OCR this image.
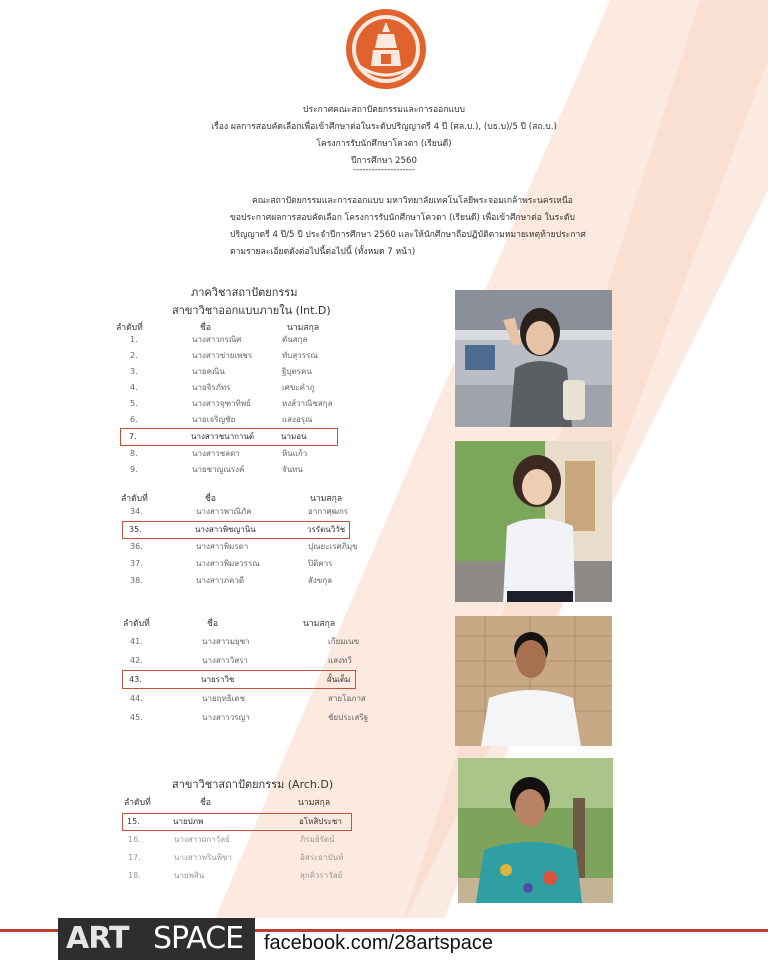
ประกาศคณะสถาปัตยกรรมและการออกแบบ
เรื่อง ผลการสอบคัดเลือกเพื่อเข้าศึกษาต่อในระดับปริญญาตรี 4 ปี (ศล.บ.), (บธ.บ)/5 ปี (สถ.บ.)
โครงการรับนักศึกษาโควตา (เรียนดี)
ปีการศึกษา 2560
--------------------
คณะสถาปัตยกรรมและการออกแบบ มหาวิทยาลัยเทคโนโลยีพระจอมเกล้าพระนครเหนือ
ขอประกาศผลการสอบคัดเลือก โครงการรับนักศึกษาโควตา (เรียนดี) เพื่อเข้าศึกษาต่อ ในระดับ
ปริญญาตรี 4 ปี/5 ปี ประจำปีการศึกษา 2560 และให้นักศึกษาถือปฏิบัติตามหมายเหตุท้ายประกาศ
ตามรายละเอียดดังต่อไปนี้ต่อไปนี้ (ทั้งหมด 7 หน้า)
ภาควิชาสถาปัตยกรรม
สาขาวิชาออกแบบภายใน (Int.D)
ลำดับที่	ชื่อ	นามสกุล
1.	นางสาวกรณิศ	ตันสกุล
2.	นางสาวข่ายเพชร	ทับสุวรรณ
3.	นายคณิน	ฐิบุตรคน
4.	นายจิรภัทร	เศขะคำภู
5.	นางสาวจุฑาทิพย์	หงส์วาณิชสกุล
6.	นายเจริญชัย	แสงอรุณ
7.	นางสาวชนากานต์	นามอน
8.	นางสาวชลดา	หินแก้ว
9.	นายชาญณรงค์	จันทน
ลำดับที่	ชื่อ	นามสกุล
34.	นางสาวพาณิภัค	อากาศุฒกร
35.	นางสาวพิชญานิน	วรรัตนวิวัช
36.	นางสาวพิมรดา	ปุณยะเรศภิมุข
37.	นางสาวพิมลวรรณ	ปิติควร
38.	นางสาวภควดี	สังขกุล
ลำดับที่	ชื่อ	นามสกุล
41.	นางสาวมยุชา	เกียมเนข
42.	นางสาววิสรา	แสงทวี
43.	นายราวิช	ผั้นเต็ม
44.	นายฤทธิเดช	สายโอภาส
45.	นางสาววรญา	ชัยประเสริฐ
สาขาวิชาสถาปัตยกรรม (Arch.D)
ลำดับที่	ชื่อ	นามสกุล
15.	นายปภพ	อโหสิประชา
16.	นางสาวผกาวัลย์	ภิรมย์รัตน์
17.	นางสาวพรินพิชา	อิสระธาบันท์
18.	นายพสิน	สุกติวราวัลย์
ART SPACE facebook.com/28artspace
